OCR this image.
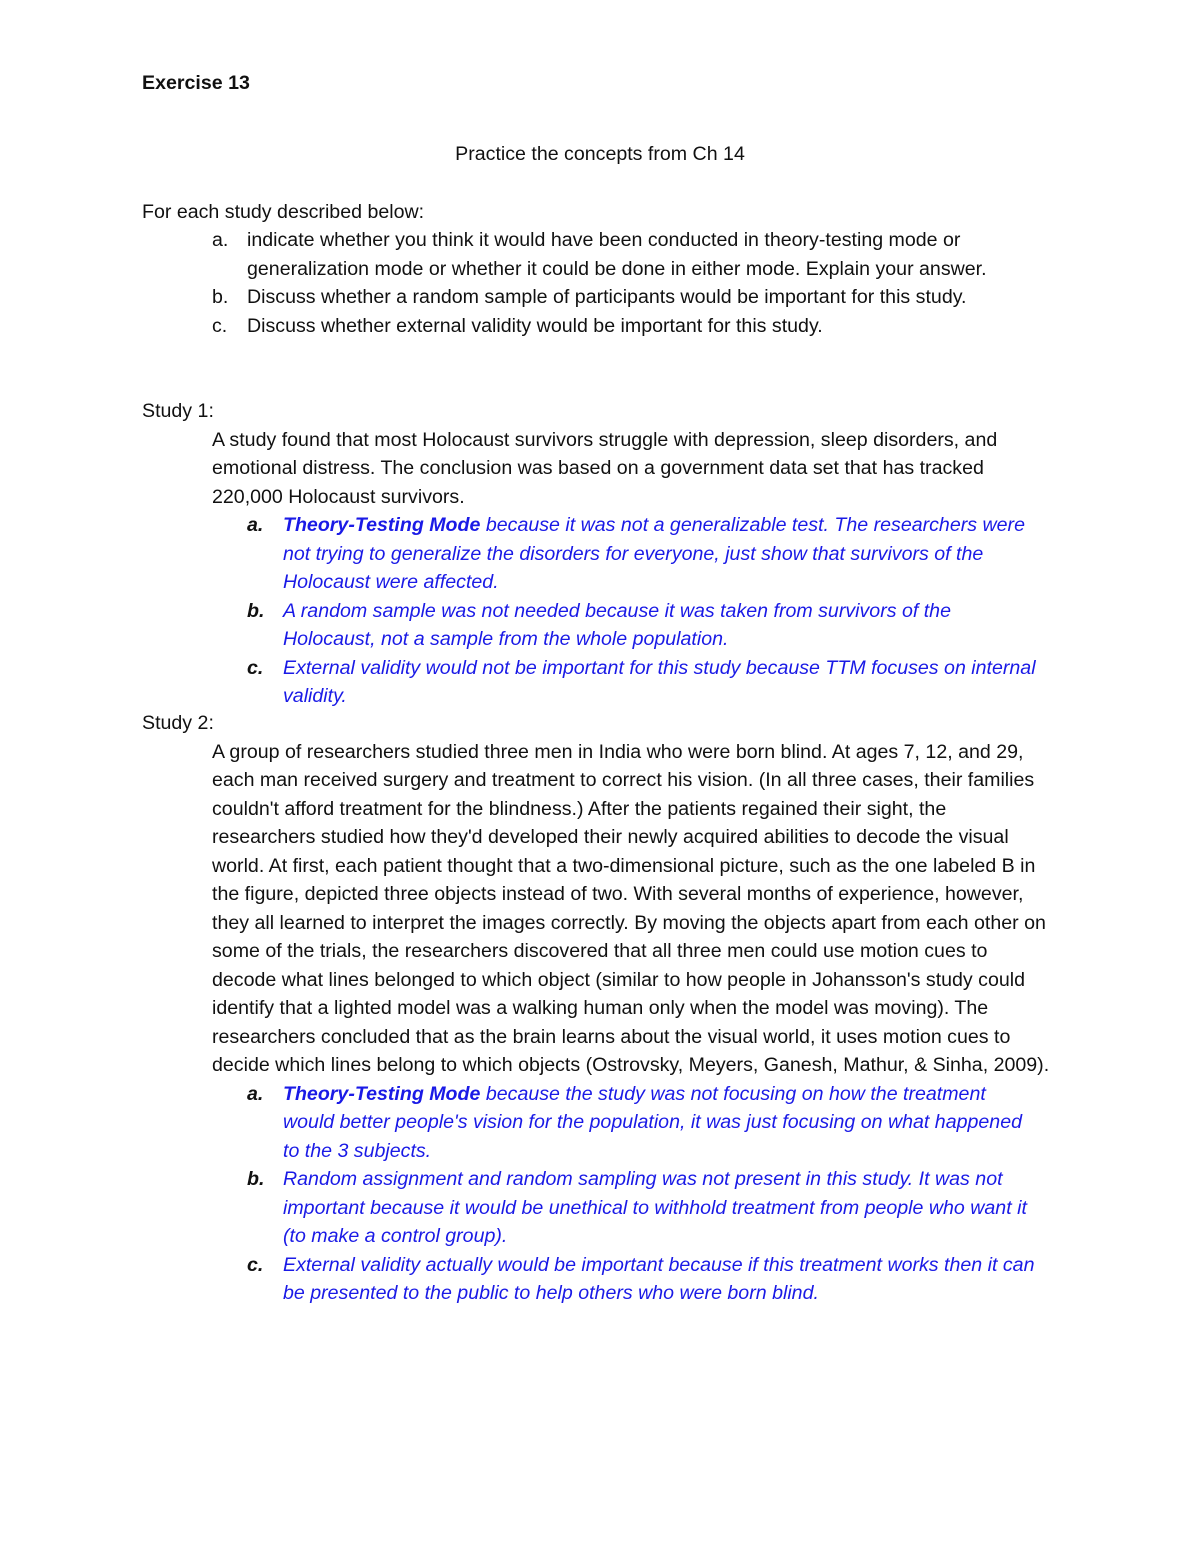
Exercise 13
Practice the concepts from Ch 14

For each study described below:

a. indicate whether you think it would have been conducted in theory-testing mode or generalization mode or whether it could be done in either mode. Explain your answer.
b. Discuss whether a random sample of participants would be important for this study.
c. Discuss whether external validity would be important for this study.

Study 1:

A study found that most Holocaust survivors struggle with depression, sleep disorders, and emotional distress. The conclusion was based on a government data set that has tracked 220,000 Holocaust survivors.

a. Theory-Testing Mode because it was not a generalizable test. The researchers were not trying to generalize the disorders for everyone, just show that survivors of the Holocaust were affected.
b. A random sample was not needed because it was taken from survivors of the Holocaust, not a sample from the whole population.
c. External validity would not be important for this study because TTM focuses on internal validity.

Study 2:

A group of researchers studied three men in India who were born blind. At ages 7, 12, and 29, each man received surgery and treatment to correct his vision. (In all three cases, their families couldn't afford treatment for the blindness.) After the patients regained their sight, the researchers studied how they'd developed their newly acquired abilities to decode the visual world. At first, each patient thought that a two-dimensional picture, such as the one labeled B in the figure, depicted three objects instead of two. With several months of experience, however, they all learned to interpret the images correctly. By moving the objects apart from each other on some of the trials, the researchers discovered that all three men could use motion cues to decode what lines belonged to which object (similar to how people in Johansson's study could identify that a lighted model was a walking human only when the model was moving). The researchers concluded that as the brain learns about the visual world, it uses motion cues to decide which lines belong to which objects (Ostrovsky, Meyers, Ganesh, Mathur, & Sinha, 2009).

a. Theory-Testing Mode because the study was not focusing on how the treatment would better people's vision for the population, it was just focusing on what happened to the 3 subjects.
b. Random assignment and random sampling was not present in this study. It was not important because it would be unethical to withhold treatment from people who want it (to make a control group).
c. External validity actually would be important because if this treatment works then it can be presented to the public to help others who were born blind.
